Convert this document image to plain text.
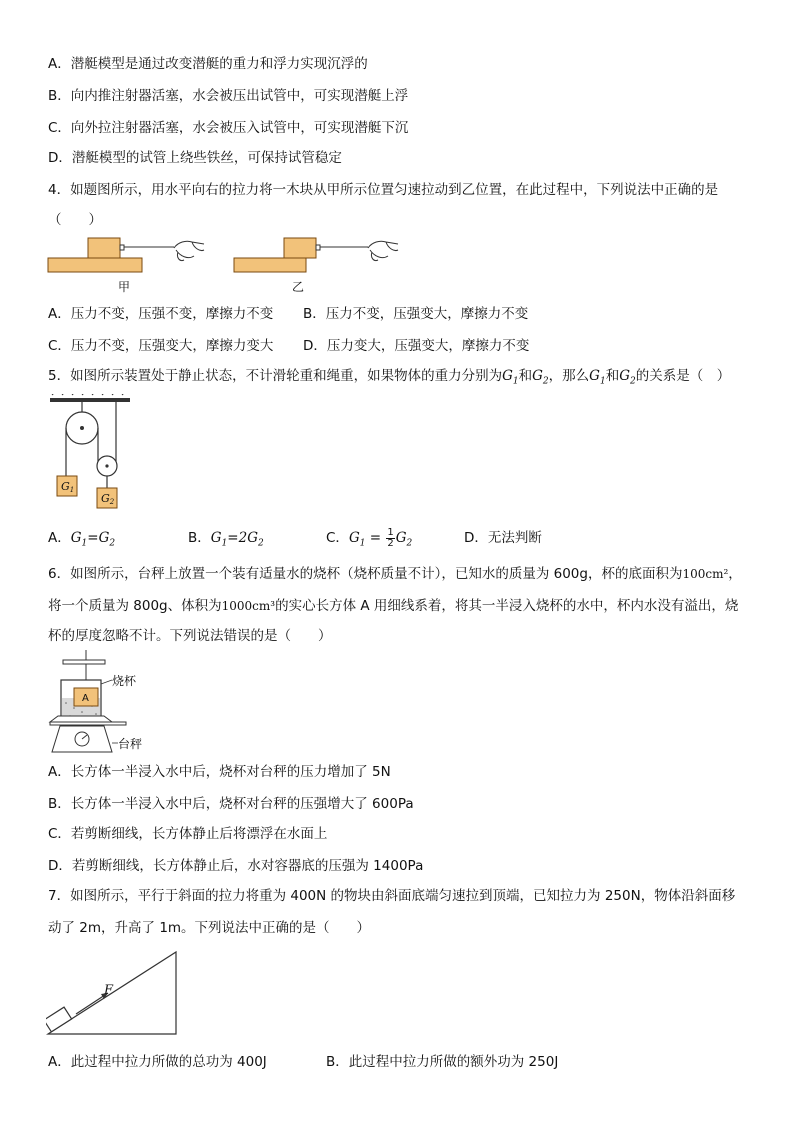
A．潜艇模型是通过改变潜艇的重力和浮力实现沉浮的
B．向内推注射器活塞，水会被压出试管中，可实现潜艇上浮
C．向外拉注射器活塞，水会被压入试管中，可实现潜艇下沉
D．潜艇模型的试管上绕些铁丝，可保持试管稳定
4．如题图所示，用水平向右的拉力将一木块从甲所示位置匀速拉动到乙位置，在此过程中，下列说法中正确的是
（　　）
甲	乙
A．压力不变，压强不变，摩擦力不变 B．压力不变，压强变大，摩擦力不变
C．压力不变，压强变大，摩擦力变大 D．压力变大，压强变大，摩擦力不变
5．如图所示装置处于静止状态，不计滑轮重和绳重，如果物体的重力分别为$G_1$和$G_2$，那么$G_1$和$G_2$的关系是（　）
G1
G2
A．$G_1=G_2$	B．$G_1=2G_2$	C．$G_1 = \frac{1}{2} G_2$	D．无法判断
6．如图所示，台秤上放置一个装有适量水的烧杯（烧杯质量不计），已知水的质量为 600g，杯的底面积为100cm²，
将一个质量为 800g、体积为1000cm³的实心长方体 A 用细线系着，将其一半浸入烧杯的水中，杯内水没有溢出，烧
杯的厚度忽略不计。下列说法错误的是（　　）
A
烧杯
台秤
A．长方体一半浸入水中后，烧杯对台秤的压力增加了 5N
B．长方体一半浸入水中后，烧杯对台秤的压强增大了 600Pa
C．若剪断细线，长方体静止后将漂浮在水面上
D．若剪断细线，长方体静止后，水对容器底的压强为 1400Pa
7．如图所示，平行于斜面的拉力将重为 400N 的物块由斜面底端匀速拉到顶端，已知拉力为 250N，物体沿斜面移
动了 2m，升高了 1m。下列说法中正确的是（　　）
F
A．此过程中拉力所做的总功为 400J	B．此过程中拉力所做的额外功为 250J
